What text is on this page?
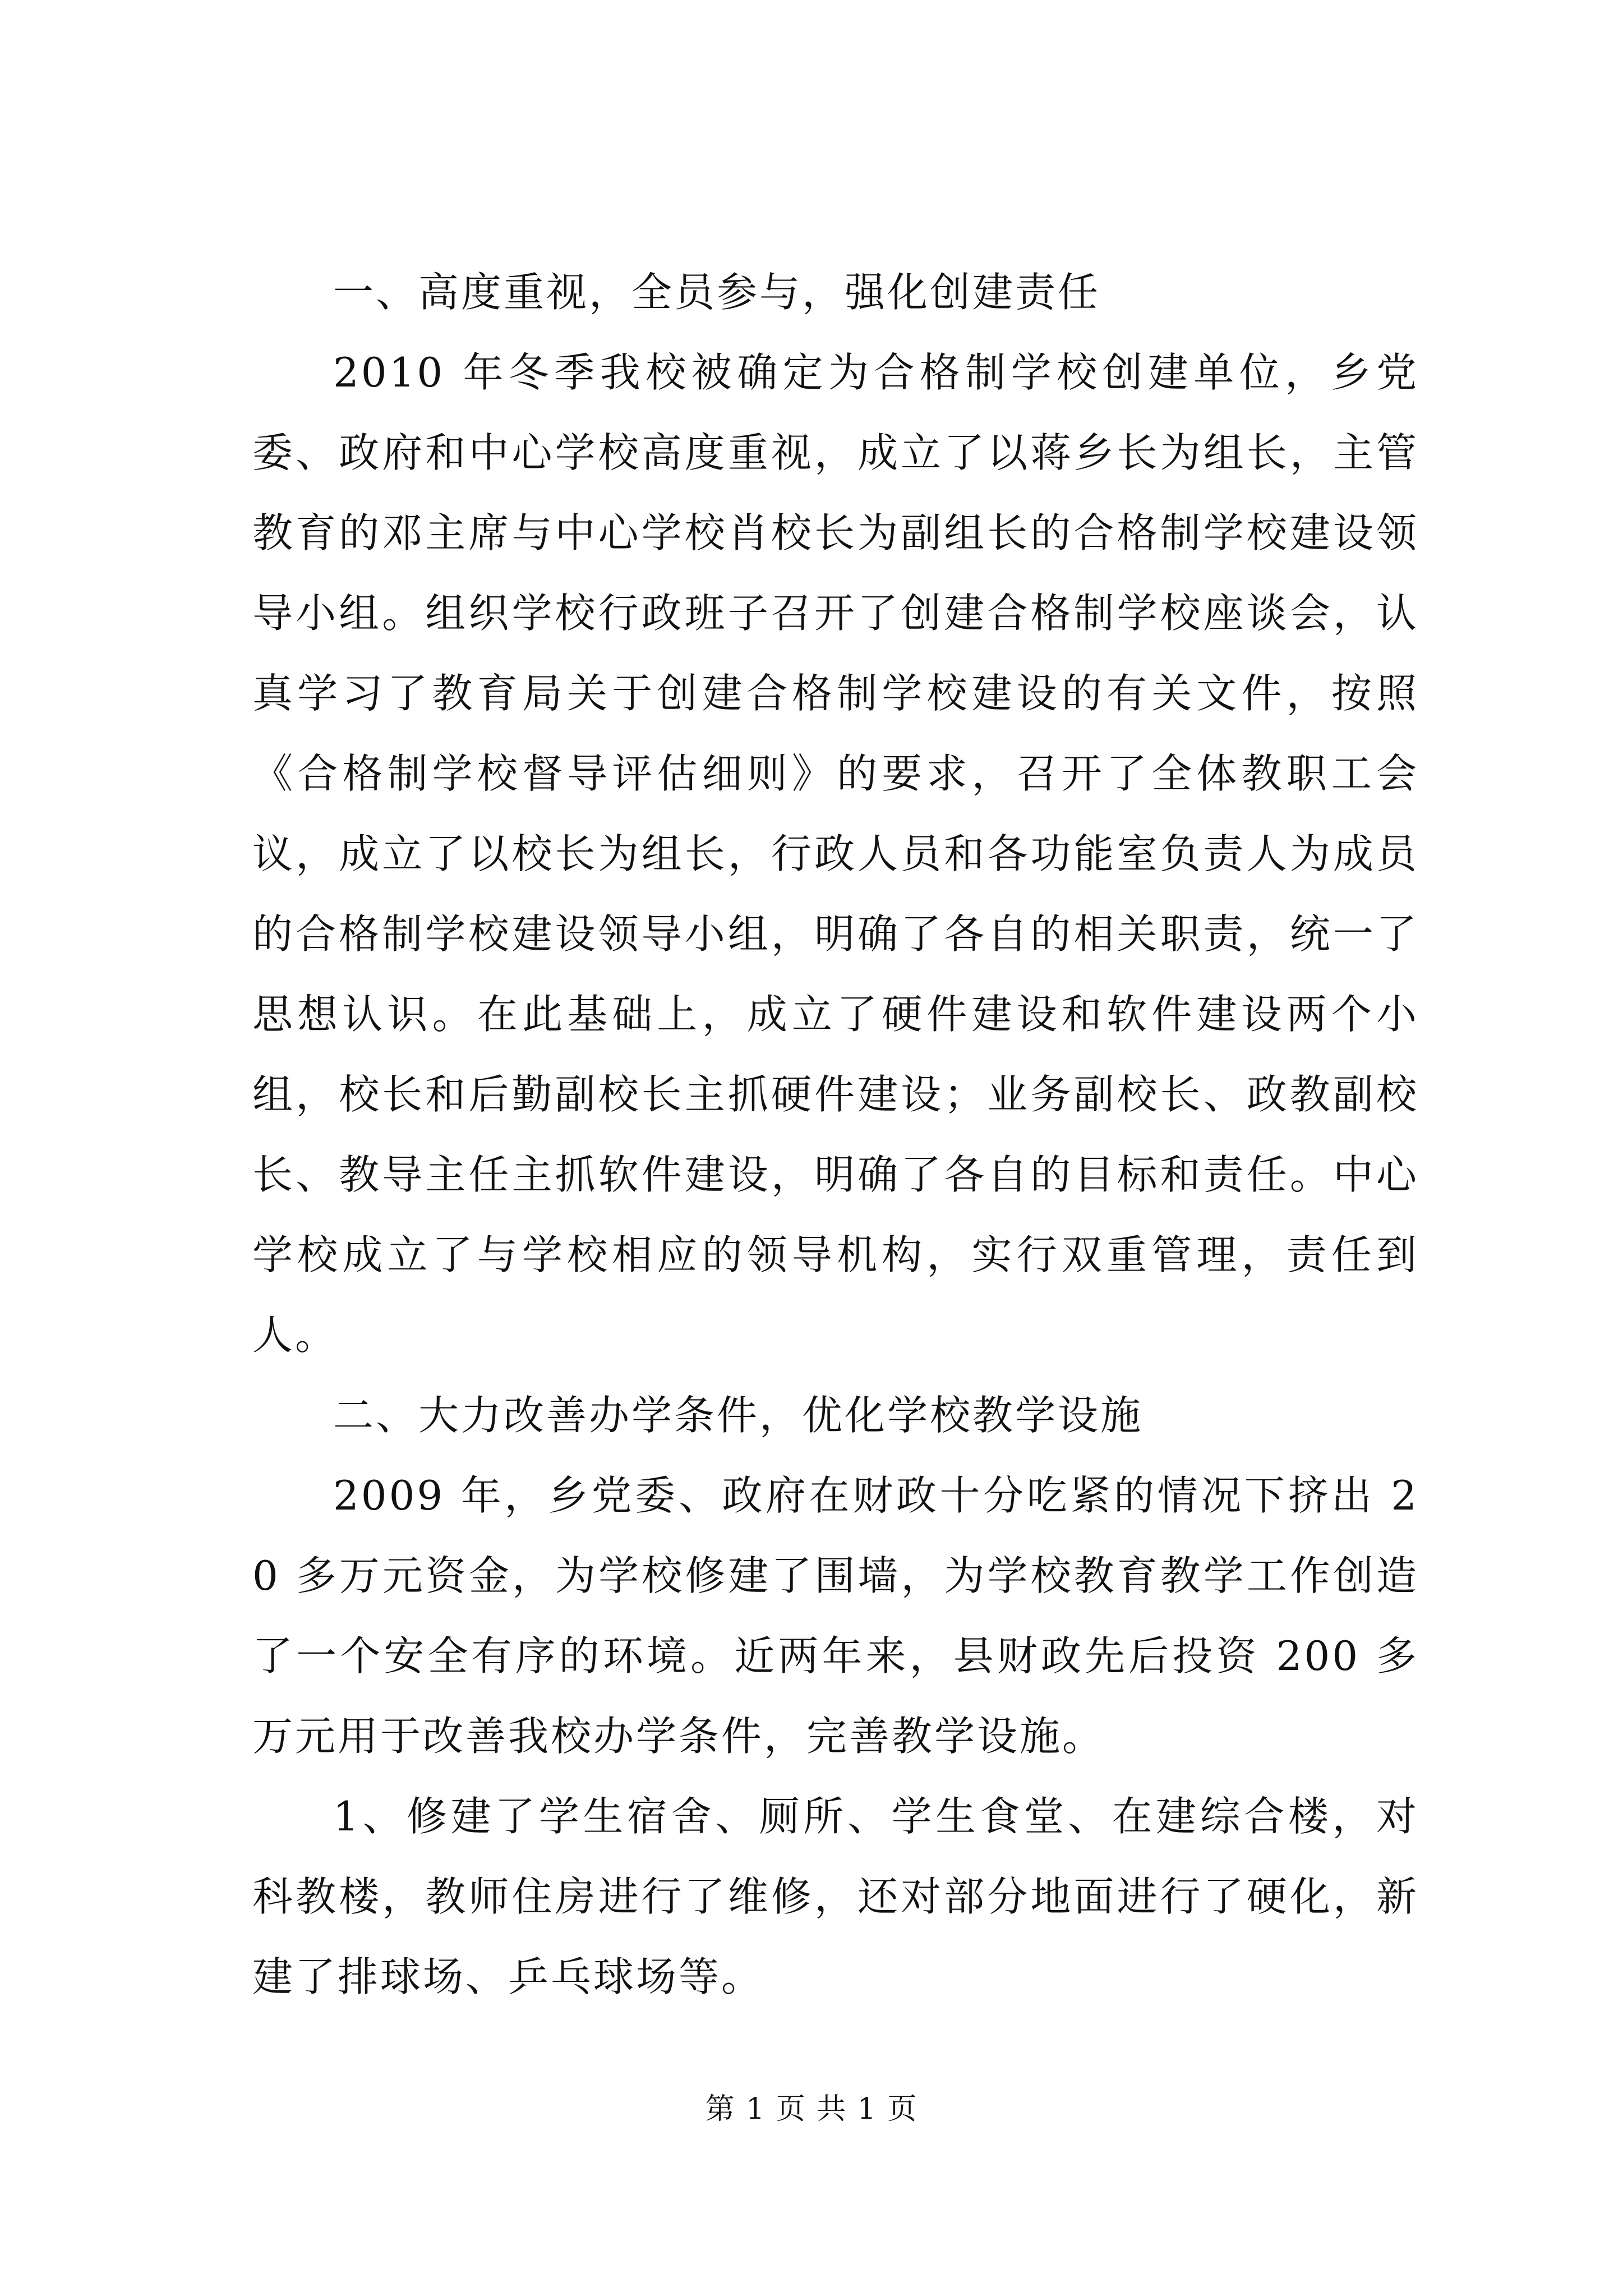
一、高度重视，全员参与，强化创建责任

2010 年冬季我校被确定为合格制学校创建单位，乡党委、政府和中心学校高度重视，成立了以蒋乡长为组长，主管教育的邓主席与中心学校肖校长为副组长的合格制学校建设领导小组。组织学校行政班子召开了创建合格制学校座谈会，认真学习了教育局关于创建合格制学校建设的有关文件，按照《合格制学校督导评估细则》的要求，召开了全体教职工会议，成立了以校长为组长，行政人员和各功能室负责人为成员的合格制学校建设领导小组，明确了各自的相关职责，统一了思想认识。在此基础上，成立了硬件建设和软件建设两个小组，校长和后勤副校长主抓硬件建设；业务副校长、政教副校长、教导主任主抓软件建设，明确了各自的目标和责任。中心学校成立了与学校相应的领导机构，实行双重管理，责任到人。

二、大力改善办学条件，优化学校教学设施

2009 年，乡党委、政府在财政十分吃紧的情况下挤出 20 多万元资金，为学校修建了围墙，为学校教育教学工作创造了一个安全有序的环境。近两年来，县财政先后投资 200 多万元用于改善我校办学条件，完善教学设施。

1、修建了学生宿舍、厕所、学生食堂、在建综合楼，对科教楼，教师住房进行了维修，还对部分地面进行了硬化，新建了排球场、乒乓球场等。

第 1 页 共 1 页
